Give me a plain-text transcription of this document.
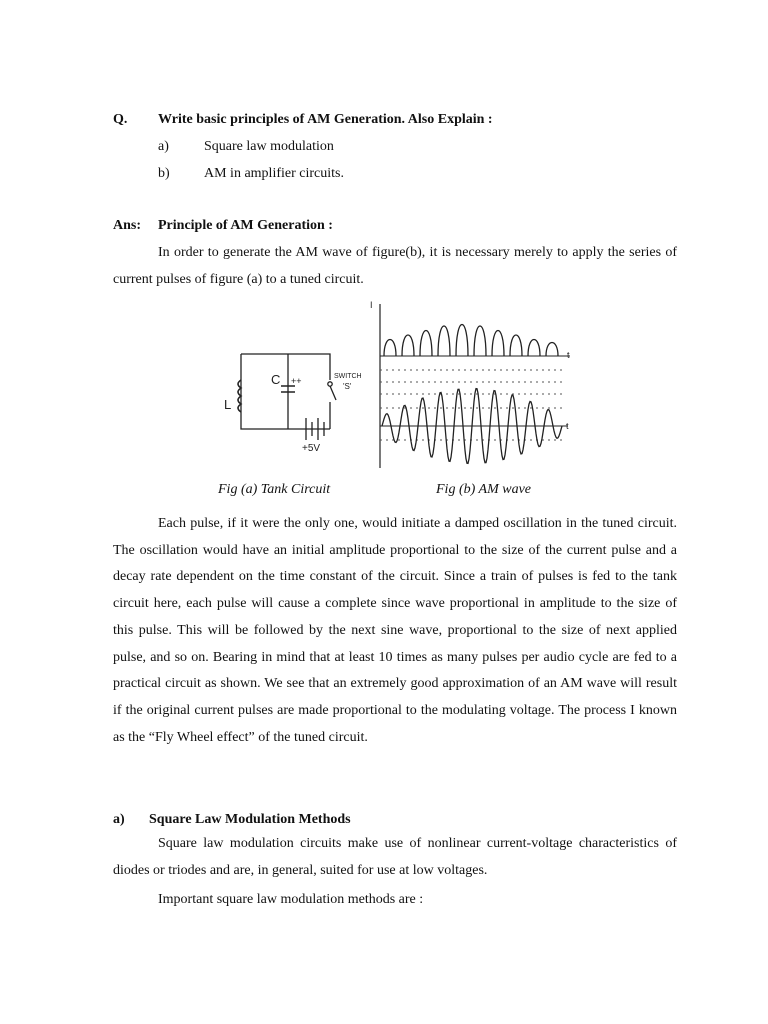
Q. Write basic principles of AM Generation. Also Explain :
a)	Square law modulation
b) AM in amplifier circuits.
Ans: Principle of AM Generation :
In order to generate the AM wave of figure(b), it is necessary merely to apply the series of current pulses of figure (a) to a tuned circuit.
L
C ++	SWITCH
'S'
+5V
I
t
t
Fig (a) Tank Circuit	Fig (b) AM wave
Each pulse, if it were the only one, would initiate a damped oscillation in the tuned circuit. The oscillation would have an initial amplitude proportional to the size of the current pulse and a decay rate dependent on the time constant of the circuit. Since a train of pulses is fed to the tank circuit here, each pulse will cause a complete since wave proportional in amplitude to the size of this pulse. This will be followed by the next sine wave, proportional to the size of next applied pulse, and so on. Bearing in mind that at least 10 times as many pulses per audio cycle are fed to a practical circuit as shown. We see that an extremely good approximation of an AM wave will result if the original current pulses are made proportional to the modulating voltage. The process I known as the “Fly Wheel effect” of the tuned circuit.
a) Square Law Modulation Methods
Square law modulation circuits make use of nonlinear current-voltage characteristics of diodes or triodes and are, in general, suited for use at low voltages.
Important square law modulation methods are :
